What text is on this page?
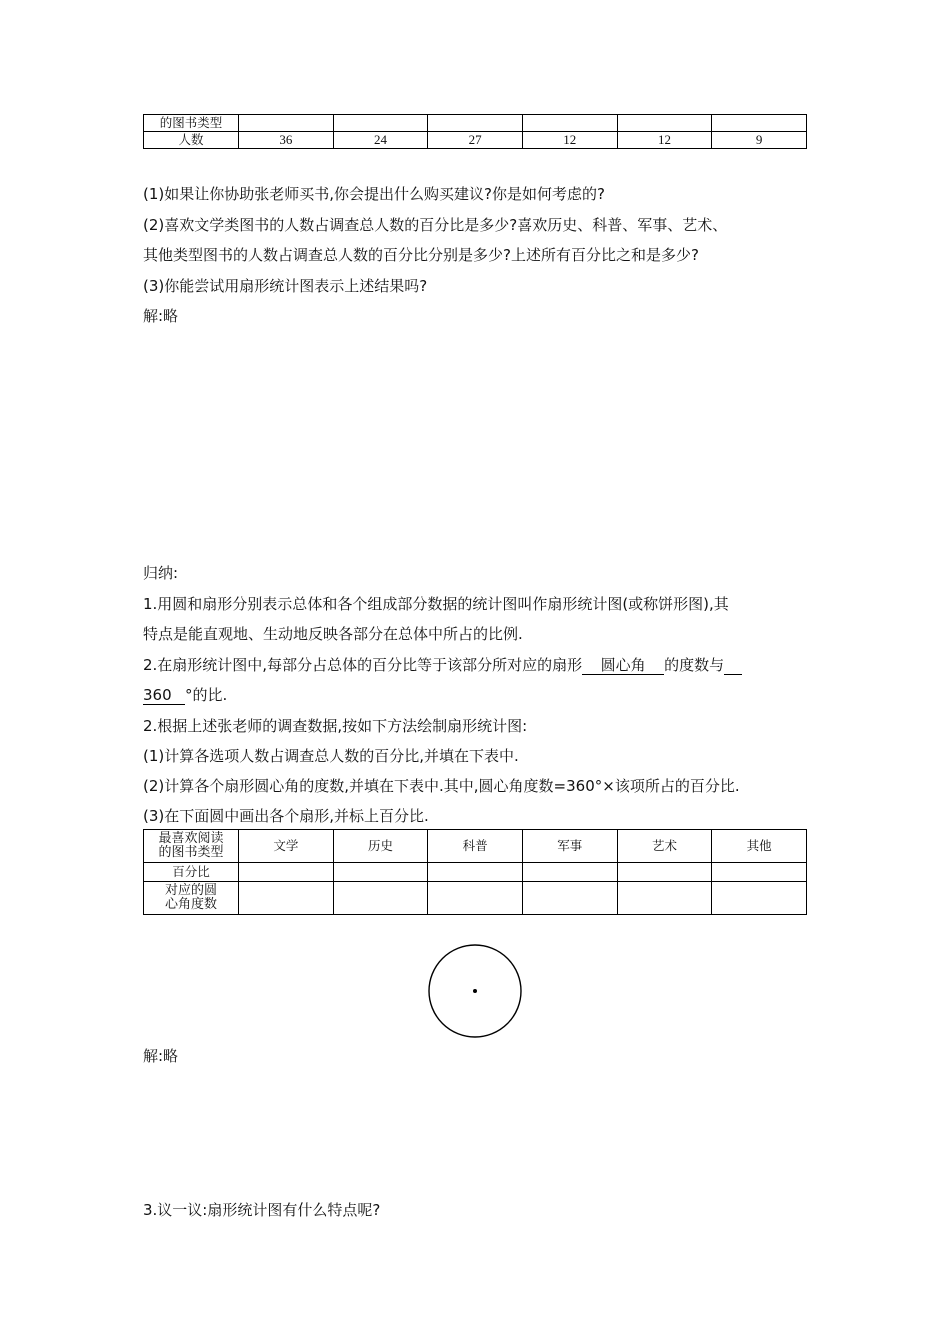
的图书类型						
人数	36	24	27	12	12	9
(1)如果让你协助张老师买书,你会提出什么购买建议?你是如何考虑的?
(2)喜欢文学类图书的人数占调查总人数的百分比是多少?喜欢历史、科普、军事、艺术、
其他类型图书的人数占调查总人数的百分比分别是多少?上述所有百分比之和是多少?
(3)你能尝试用扇形统计图表示上述结果吗?
解:略
归纳:
1.用圆和扇形分别表示总体和各个组成部分数据的统计图叫作扇形统计图(或称饼形图),其
特点是能直观地、生动地反映各部分在总体中所占的比例.
2.在扇形统计图中,每部分占总体的百分比等于该部分所对应的扇形 圆心角 的度数与
360 °的比.
2.根据上述张老师的调查数据,按如下方法绘制扇形统计图:
(1)计算各选项人数占调查总人数的百分比,并填在下表中.
(2)计算各个扇形圆心角的度数,并填在下表中.其中,圆心角度数=360°×该项所占的百分比.
(3)在下面圆中画出各个扇形,并标上百分比.
最喜欢阅读
的图书类型	文学	历史	科普	军事	艺术	其他
百分比						
对应的圆
心角度数						
解:略
3.议一议:扇形统计图有什么特点呢?
